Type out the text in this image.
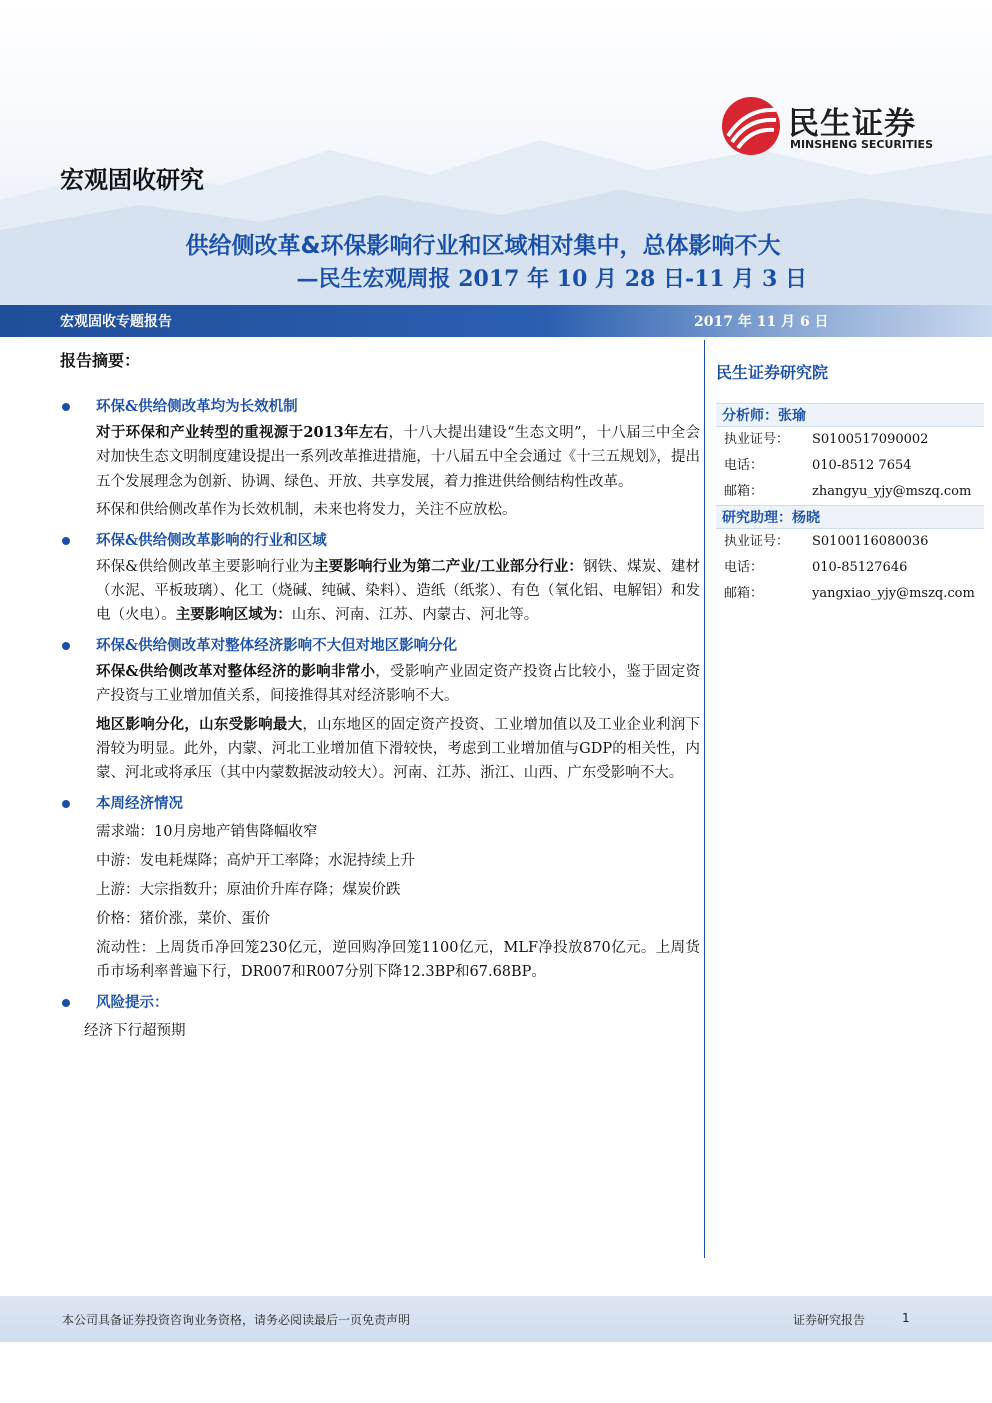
民生证券
MINSHENG SECURITIES
宏观固收研究
供给侧改革&环保影响行业和区域相对集中，总体影响不大
—民生宏观周报 2017 年 10 月 28 日-11 月 3 日
宏观固收专题报告	2017 年 11 月 6 日
报告摘要：
环保&供给侧改革均为长效机制
对于环保和产业转型的重视源于2013年左右，十八大提出建设“生态文明”，十八届三中全会对加快生态文明制度建设提出一系列改革推进措施，十八届五中全会通过《十三五规划》，提出五个发展理念为创新、协调、绿色、开放、共享发展，着力推进供给侧结构性改革。
环保和供给侧改革作为长效机制，未来也将发力，关注不应放松。
环保&供给侧改革影响的行业和区域
环保&供给侧改革主要影响行业为主要影响行业为第二产业/工业部分行业：钢铁、煤炭、建材（水泥、平板玻璃）、化工（烧碱、纯碱、染料）、造纸（纸浆）、有色（氧化铝、电解铝）和发电（火电）。主要影响区域为：山东、河南、江苏、内蒙古、河北等。
环保&供给侧改革对整体经济影响不大但对地区影响分化
环保&供给侧改革对整体经济的影响非常小，受影响产业固定资产投资占比较小，鉴于固定资产投资与工业增加值关系，间接推得其对经济影响不大。
地区影响分化，山东受影响最大，山东地区的固定资产投资、工业增加值以及工业企业利润下滑较为明显。此外，内蒙、河北工业增加值下滑较快，考虑到工业增加值与GDP的相关性，内蒙、河北或将承压（其中内蒙数据波动较大）。河南、江苏、浙江、山西、广东受影响不大。
本周经济情况
需求端：10月房地产销售降幅收窄
中游：发电耗煤降；高炉开工率降；水泥持续上升
上游：大宗指数升；原油价升库存降；煤炭价跌
价格：猪价涨，菜价、蛋价
流动性：上周货币净回笼230亿元，逆回购净回笼1100亿元，MLF净投放870亿元。上周货币市场利率普遍下行，DR007和R007分别下降12.3BP和67.68BP。
风险提示：
经济下行超预期
民生证券研究院
分析师：张瑜
执业证号：	S0100517090002
电话：	010-8512 7654
邮箱：	zhangyu_yjy@mszq.com
研究助理：杨晓
执业证号：	S0100116080036
电话：	010-85127646
邮箱：	yangxiao_yjy@mszq.com
本公司具备证券投资咨询业务资格，请务必阅读最后一页免责声明	证券研究报告	1
